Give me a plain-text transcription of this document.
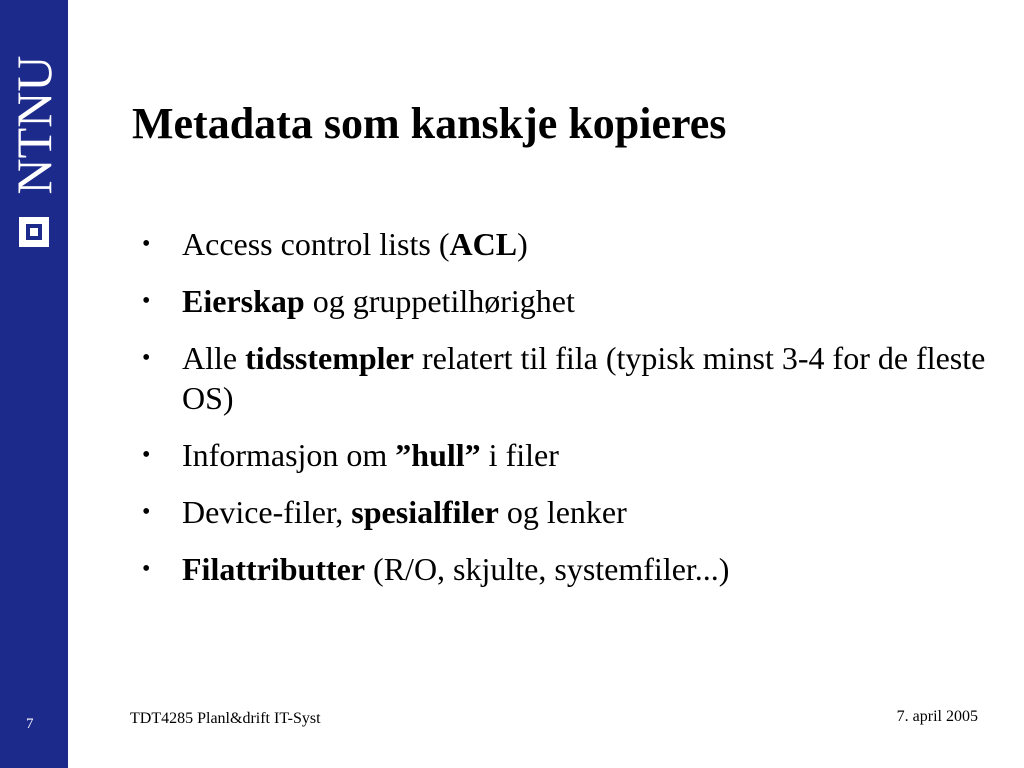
NTNU
7
Metadata som kanskje kopieres
• Access control lists (ACL)
• Eierskap og gruppetilhørighet
• Alle tidsstempler relatert til fila (typisk minst 3-4 for de fleste OS)
• Informasjon om ”hull” i filer
• Device-filer, spesialfiler og lenker
• Filattributter (R/O, skjulte, systemfiler...)
TDT4285 Planl&drift IT-Syst	7. april 2005
